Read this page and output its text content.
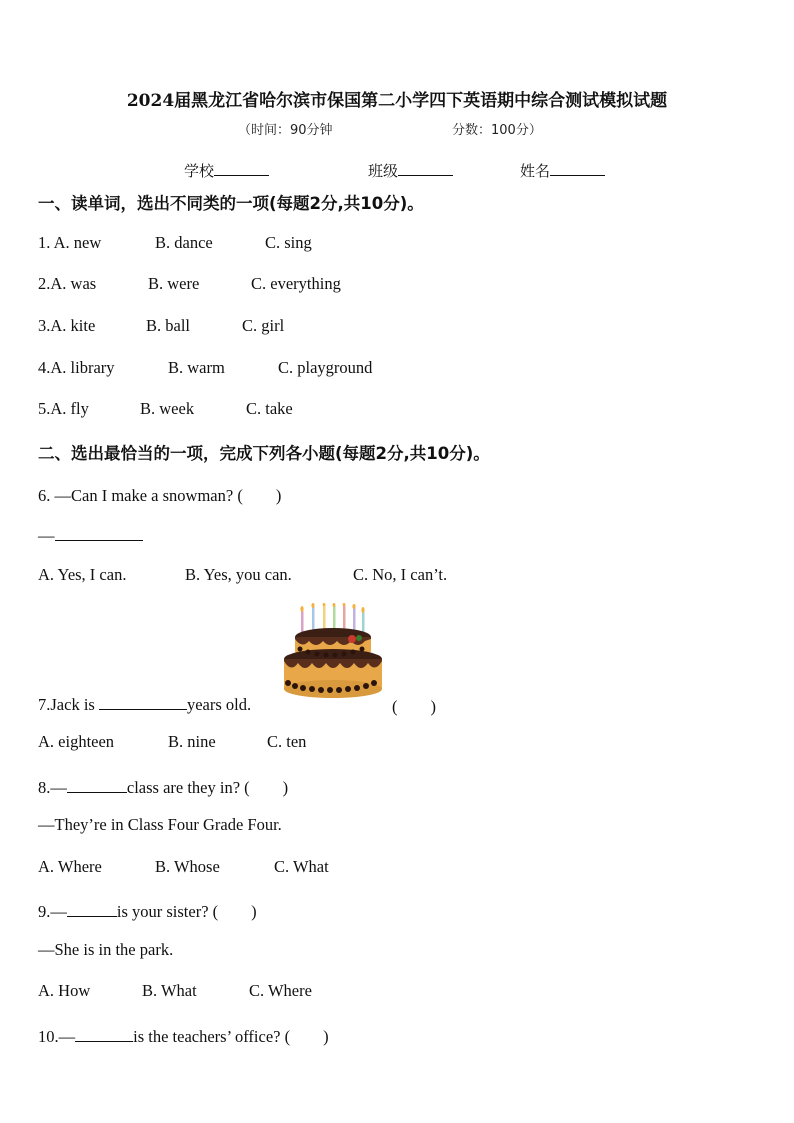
2024届黑龙江省哈尔滨市保国第二小学四下英语期中综合测试模拟试题
（时间：90分钟	分数：100分）
学校	班级	姓名
一、读单词，选出不同类的一项(每题2分,共10分)。
1. A. new	B. dance	C. sing
2.A. was	B. were	C. everything
3.A. kite	B. ball	C. girl
4.A. library	B. warm	C. playground
5.A. fly	B. week	C. take
二、选出最恰当的一项，完成下列各小题(每题2分,共10分)。
6. —Can I make a snowman? (　　)
—
A. Yes, I can.	B. Yes, you can.	C. No, I can’t.
7.Jack is	years old.	(　　)
A. eighteen	B. nine	C. ten
8.—	class are they in? (　　)
—They’re in Class Four Grade Four.
A. Where	B. Whose	C. What
9.—	is your sister? (　　)
—She is in the park.
A. How	B. What	C. Where
10.—	is the teachers’ office? (　　)
